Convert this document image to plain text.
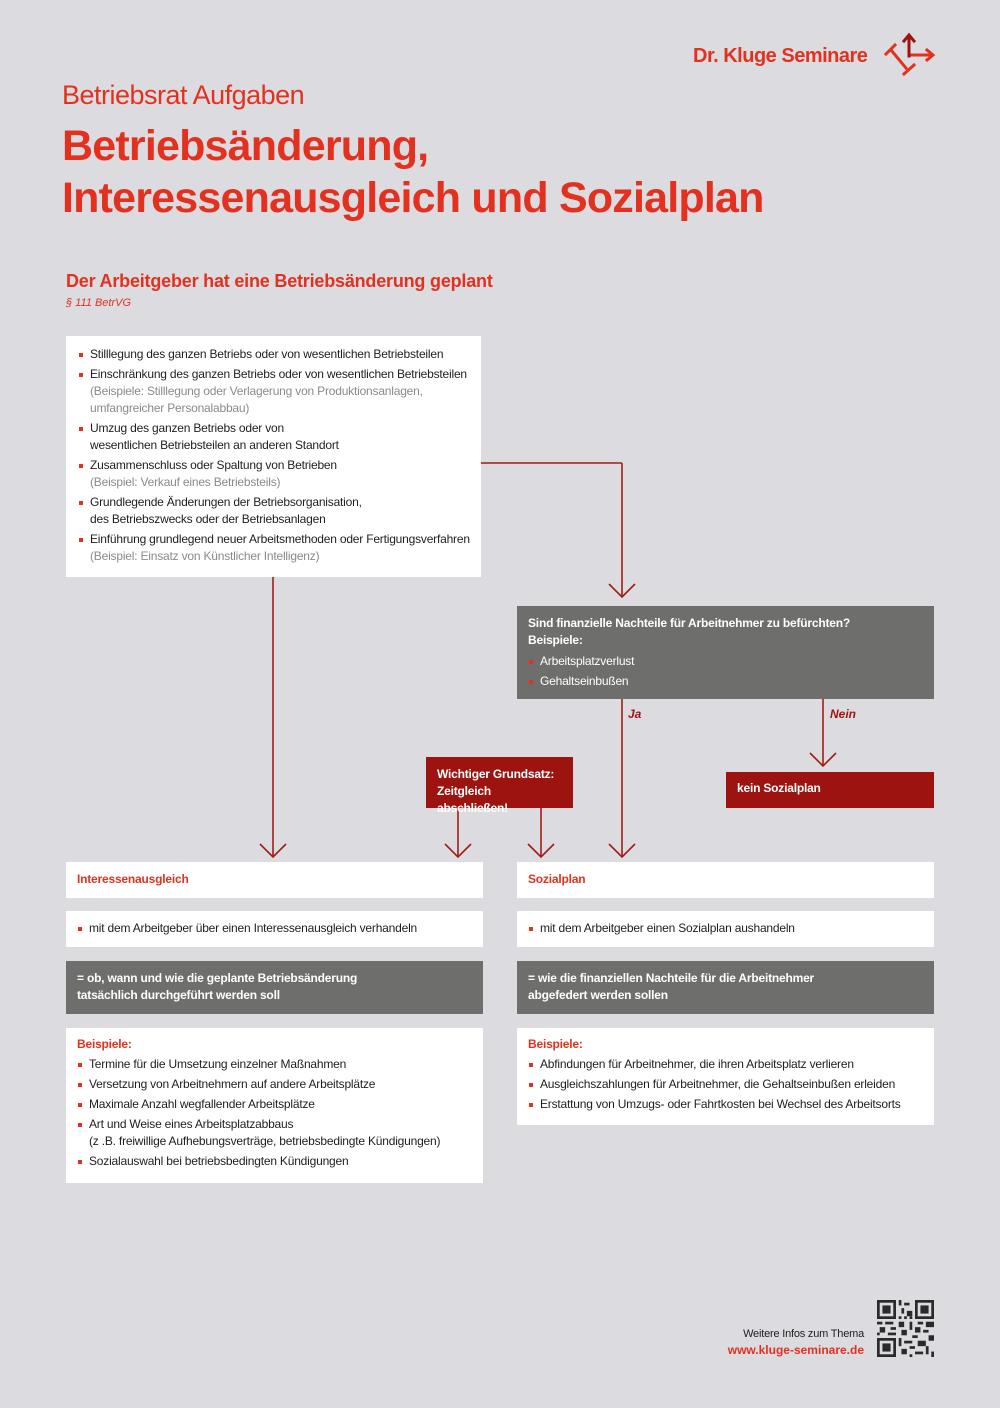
Dr. Kluge Seminare
Betriebsrat Aufgaben
Betriebsänderung,
Interessenausgleich und Sozialplan
Der Arbeitgeber hat eine Betriebsänderung geplant
§ 111 BetrVG
Stilllegung des ganzen Betriebs oder von wesentlichen Betriebsteilen
Einschränkung des ganzen Betriebs oder von wesentlichen Betriebsteilen
(Beispiele: Stilllegung oder Verlagerung von Produktionsanlagen, umfangreicher Personalabbau)
Umzug des ganzen Betriebs oder von wesentlichen Betriebsteilen an anderen Standort
Zusammenschluss oder Spaltung von Betrieben
(Beispiel: Verkauf eines Betriebsteils)
Grundlegende Änderungen der Betriebsorganisation, des Betriebszwecks oder der Betriebsanlagen
Einführung grundlegend neuer Arbeitsmethoden oder Fertigungsverfahren
(Beispiel: Einsatz von Künstlicher Intelligenz)
Sind finanzielle Nachteile für Arbeitnehmer zu befürchten?
Beispiele:
Arbeitsplatzverlust
Gehaltseinbußen
Ja	Nein
Wichtiger Grundsatz:
Zeitgleich abschließen!
kein Sozialplan
Interessenausgleich
mit dem Arbeitgeber über einen Interessenausgleich verhandeln
= ob, wann und wie die geplante Betriebsänderung
tatsächlich durchgeführt werden soll
Beispiele:
Termine für die Umsetzung einzelner Maßnahmen
Versetzung von Arbeitnehmern auf andere Arbeitsplätze
Maximale Anzahl wegfallender Arbeitsplätze
Art und Weise eines Arbeitsplatzabbaus
(z .B. freiwillige Aufhebungsverträge, betriebsbedingte Kündigungen)
Sozialauswahl bei betriebsbedingten Kündigungen
Sozialplan
mit dem Arbeitgeber einen Sozialplan aushandeln
= wie die finanziellen Nachteile für die Arbeitnehmer
abgefedert werden sollen
Beispiele:
Abfindungen für Arbeitnehmer, die ihren Arbeitsplatz verlieren
Ausgleichszahlungen für Arbeitnehmer, die Gehaltseinbußen erleiden
Erstattung von Umzugs- oder Fahrtkosten bei Wechsel des Arbeitsorts
Weitere Infos zum Thema
www.kluge-seminare.de
